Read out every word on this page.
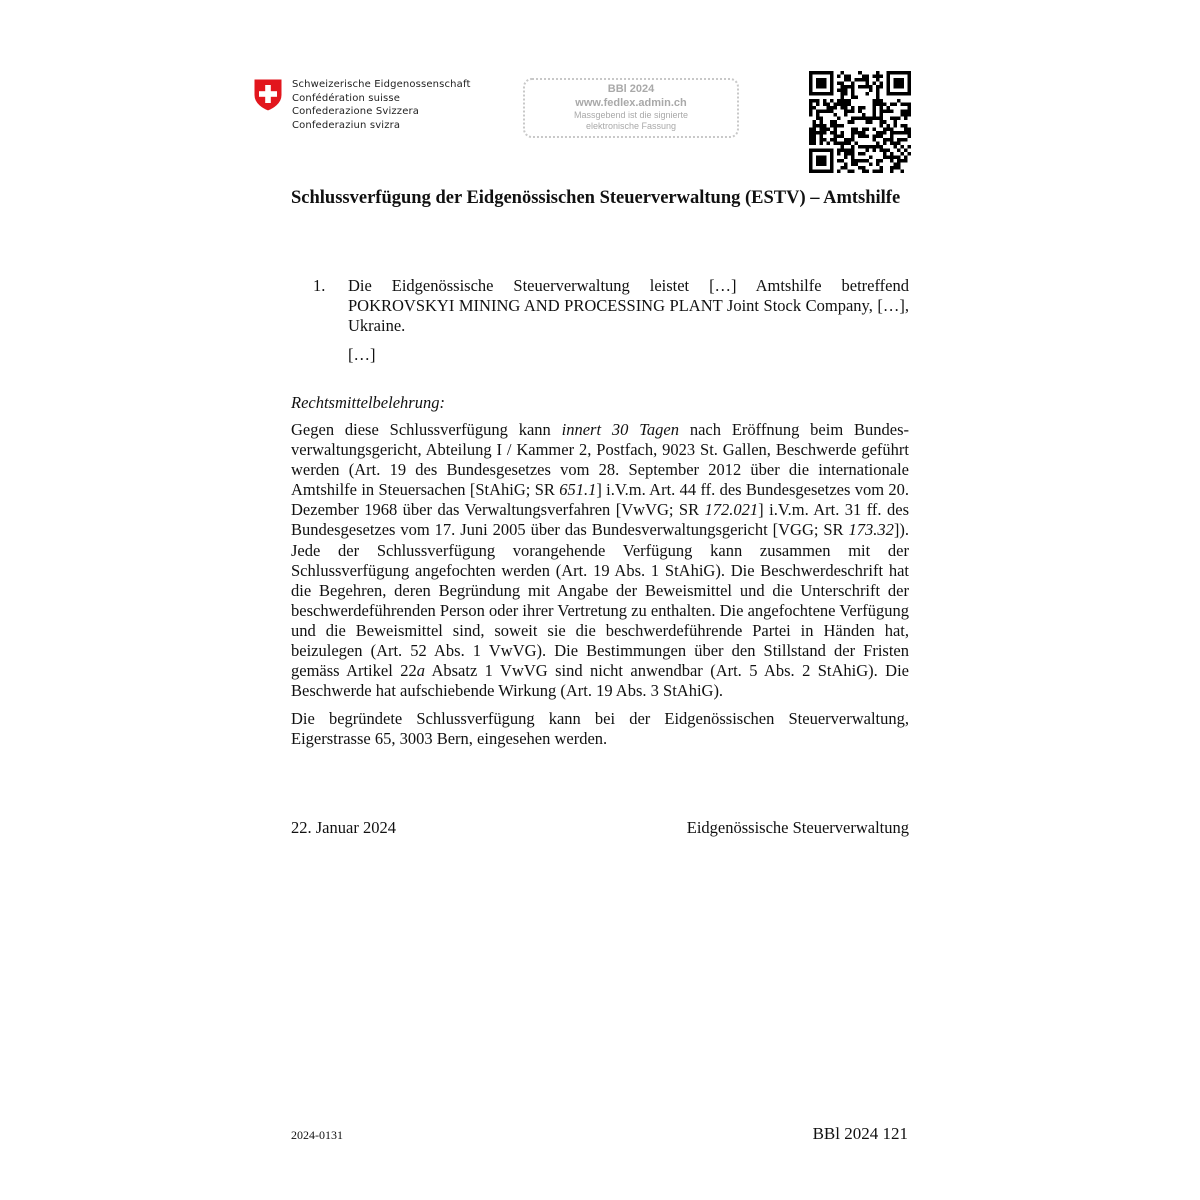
Schweizerische Eidgenossenschaft
Confédération suisse
Confederazione Svizzera
Confederaziun svizra
BBl 2024
www.fedlex.admin.ch
Massgebend ist die signierte
elektronische Fassung
Schlussverfügung der Eidgenössischen Steuerverwaltung (ESTV) – Amtshilfe
1.	Die Eidgenössische Steuerverwaltung leistet […] Amtshilfe betreffend POKROVSKYI MINING AND PROCESSING PLANT Joint Stock Company, […], Ukraine.
[…]
Rechtsmittelbelehrung:

Gegen diese Schlussverfügung kann innert 30 Tagen nach Eröffnung beim Bundesverwaltungsgericht, Abteilung I / Kammer 2, Postfach, 9023 St. Gallen, Beschwerde geführt werden (Art. 19 des Bundesgesetzes vom 28. September 2012 über die internationale Amtshilfe in Steuersachen [StAhiG; SR 651.1] i.V.m. Art. 44 ff. des Bundesgesetzes vom 20. Dezember 1968 über das Verwaltungsverfahren [VwVG; SR 172.021] i.V.m. Art. 31 ff. des Bundesgesetzes vom 17. Juni 2005 über das Bundesverwaltungsgericht [VGG; SR 173.32]). Jede der Schlussverfügung vorangehende Verfügung kann zusammen mit der Schlussverfügung angefochten werden (Art. 19 Abs. 1 StAhiG). Die Beschwerdeschrift hat die Begehren, deren Begründung mit Angabe der Beweismittel und die Unterschrift der beschwerdeführenden Person oder ihrer Vertretung zu enthalten. Die angefochtene Verfügung und die Beweismittel sind, soweit sie die beschwerdeführende Partei in Händen hat, beizulegen (Art. 52 Abs. 1 VwVG). Die Bestimmungen über den Stillstand der Fristen gemäss Artikel 22a Absatz 1 VwVG sind nicht anwendbar (Art. 5 Abs. 2 StAhiG). Die Beschwerde hat aufschiebende Wirkung (Art. 19 Abs. 3 StAhiG).

Die begründete Schlussverfügung kann bei der Eidgenössischen Steuerverwaltung, Eigerstrasse 65, 3003 Bern, eingesehen werden.

22. Januar 2024	Eidgenössische Steuerverwaltung
2024-0131	BBl 2024 121
